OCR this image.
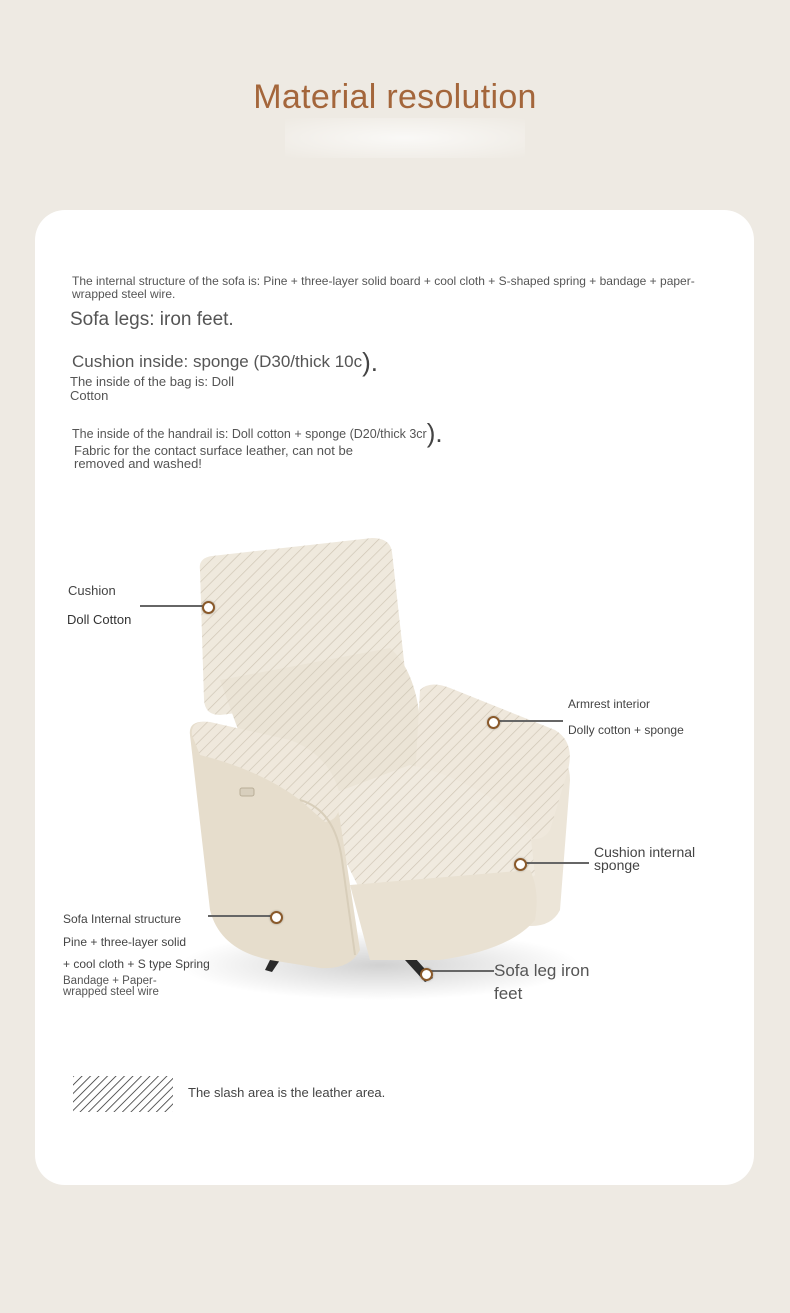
Material resolution
The internal structure of the sofa is: Pine + three-layer solid board + cool cloth + S-shaped spring + bandage + paper-wrapped steel wire.
Sofa legs: iron feet.
Cushion inside: sponge (D30/thick 10c).
The inside of the bag is: Doll Cotton
The inside of the handrail is: Doll cotton + sponge (D20/thick 3cr).
Fabric for the contact surface leather, can not be removed and washed!
Cushion
Doll Cotton
Armrest interior
Dolly cotton + sponge
Cushion internal sponge
Sofa Internal structure
Pine + three-layer solid
+ cool cloth + S type Spring
Bandage + Paper-wrapped steel wire
Sofa leg iron feet
The slash area is the leather area.
